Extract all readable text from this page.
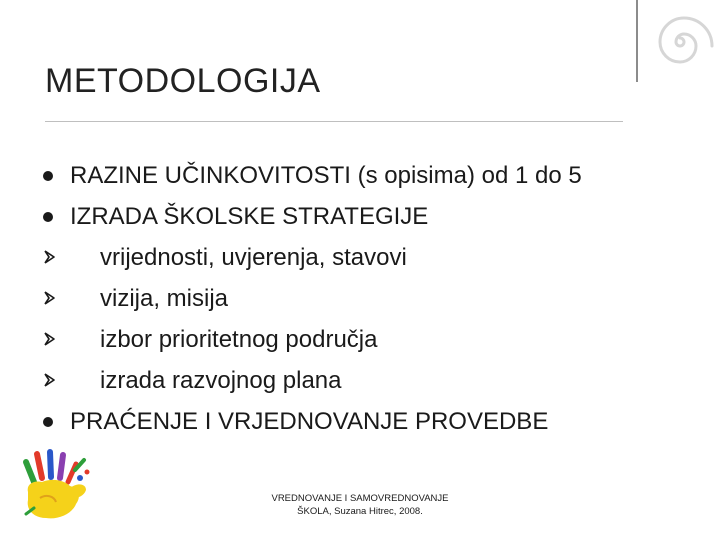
METODOLOGIJA
RAZINE UČINKOVITOSTI (s opisima) od 1 do 5
IZRADA ŠKOLSKE STRATEGIJE
vrijednosti, uvjerenja, stavovi
vizija, misija
izbor prioritetnog područja
izrada razvojnog plana
PRAĆENJE I VRJEDNOVANJE PROVEDBE
VREDNOVANJE I SAMOVREDNOVANJE
ŠKOLA, Suzana Hitrec, 2008.
